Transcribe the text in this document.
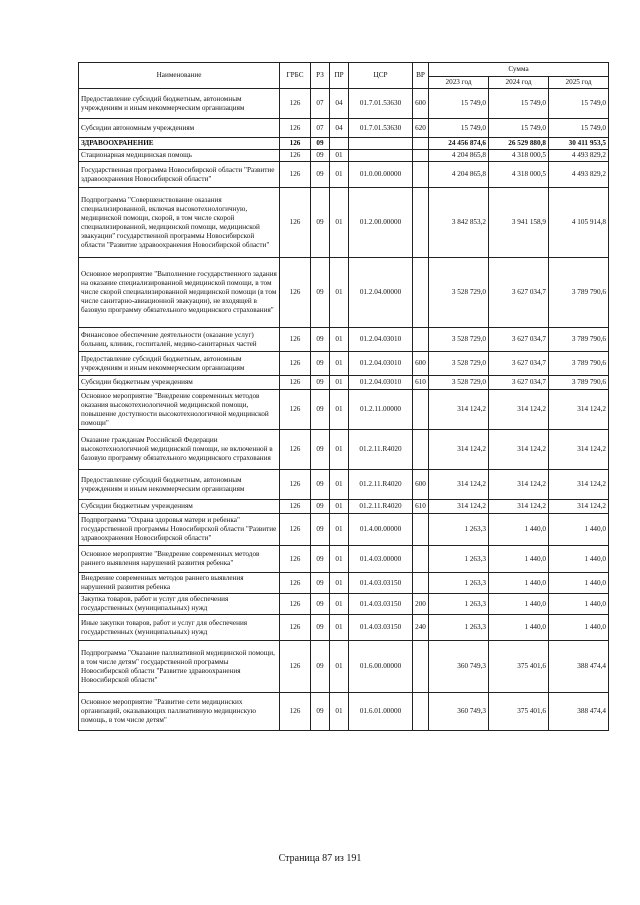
Наименование	ГРБС	РЗ	ПР	ЦСР	ВР	Сумма		
						2023 год	2024 год	2025 год
Предоставление субсидий бюджетным, автономным учреждениям и иным некоммерческим организациям	126	07	04	01.7.01.53630	600	15 749,0	15 749,0	15 749,0
Субсидии автономным учреждениям	126	07	04	01.7.01.53630	620	15 749,0	15 749,0	15 749,0
ЗДРАВООХРАНЕНИЕ	126	09				24 456 874,6	26 529 880,8	30 411 953,5
Стационарная медицинская помощь	126	09	01			4 204 865,8	4 318 000,5	4 493 829,2
Государственная программа Новосибирской области "Развитие здравоохранения Новосибирской области"	126	09	01	01.0.00.00000		4 204 865,8	4 318 000,5	4 493 829,2
Подпрограмма "Совершенствование оказания специализированной, включая высокотехнологичную, медицинской помощи, скорой, в том числе скорой специализированной, медицинской помощи, медицинской эвакуации" государственной программы Новосибирской области "Развитие здравоохранения Новосибирской области"	126	09	01	01.2.00.00000		3 842 853,2	3 941 158,9	4 105 914,8
Основное мероприятие "Выполнение государственного задания на оказание специализированной медицинской помощи, в том числе скорой специализированной медицинской помощи (в том числе санитарно-авиационной эвакуации), не входящей в базовую программу обязательного медицинского страхования"	126	09	01	01.2.04.00000		3 528 729,0	3 627 034,7	3 789 790,6
Финансовое обеспечение деятельности (оказание услуг) больниц, клиник, госпиталей, медико-санитарных частей	126	09	01	01.2.04.03010		3 528 729,0	3 627 034,7	3 789 790,6
Предоставление субсидий бюджетным, автономным учреждениям и иным некоммерческим организациям	126	09	01	01.2.04.03010	600	3 528 729,0	3 627 034,7	3 789 790,6
Субсидии бюджетным учреждениям	126	09	01	01.2.04.03010	610	3 528 729,0	3 627 034,7	3 789 790,6
Основное мероприятие "Внедрение современных методов оказания высокотехнологичной медицинской помощи, повышение доступности высокотехнологичной медицинской помощи"	126	09	01	01.2.11.00000		314 124,2	314 124,2	314 124,2
Оказание гражданам Российской Федерации высокотехнологичной медицинской помощи, не включенной в базовую программу обязательного медицинского страхования	126	09	01	01.2.11.R4020		314 124,2	314 124,2	314 124,2
Предоставление субсидий бюджетным, автономным учреждениям и иным некоммерческим организациям	126	09	01	01.2.11.R4020	600	314 124,2	314 124,2	314 124,2
Субсидии бюджетным учреждениям	126	09	01	01.2.11.R4020	610	314 124,2	314 124,2	314 124,2
Подпрограмма "Охрана здоровья матери и ребенка" государственной программы Новосибирской области "Развитие здравоохранения Новосибирской области"	126	09	01	01.4.00.00000		1 263,3	1 440,0	1 440,0
Основное мероприятие "Внедрение современных методов раннего выявления нарушений развития ребенка"	126	09	01	01.4.03.00000		1 263,3	1 440,0	1 440,0
Внедрение современных методов раннего выявления нарушений развития ребенка	126	09	01	01.4.03.03150		1 263,3	1 440,0	1 440,0
Закупка товаров, работ и услуг для обеспечения государственных (муниципальных) нужд	126	09	01	01.4.03.03150	200	1 263,3	1 440,0	1 440,0
Иные закупки товаров, работ и услуг для обеспечения государственных (муниципальных) нужд	126	09	01	01.4.03.03150	240	1 263,3	1 440,0	1 440,0
Подпрограмма "Оказание паллиативной медицинской помощи, в том числе детям" государственной программы Новосибирской области "Развитие здравоохранения Новосибирской области"	126	09	01	01.6.00.00000		360 749,3	375 401,6	388 474,4
Основное мероприятие "Развитие сети медицинских организаций, оказывающих паллиативную медицинскую помощь, в том числе детям"	126	09	01	01.6.01.00000		360 749,3	375 401,6	388 474,4
Страница 87 из 191
